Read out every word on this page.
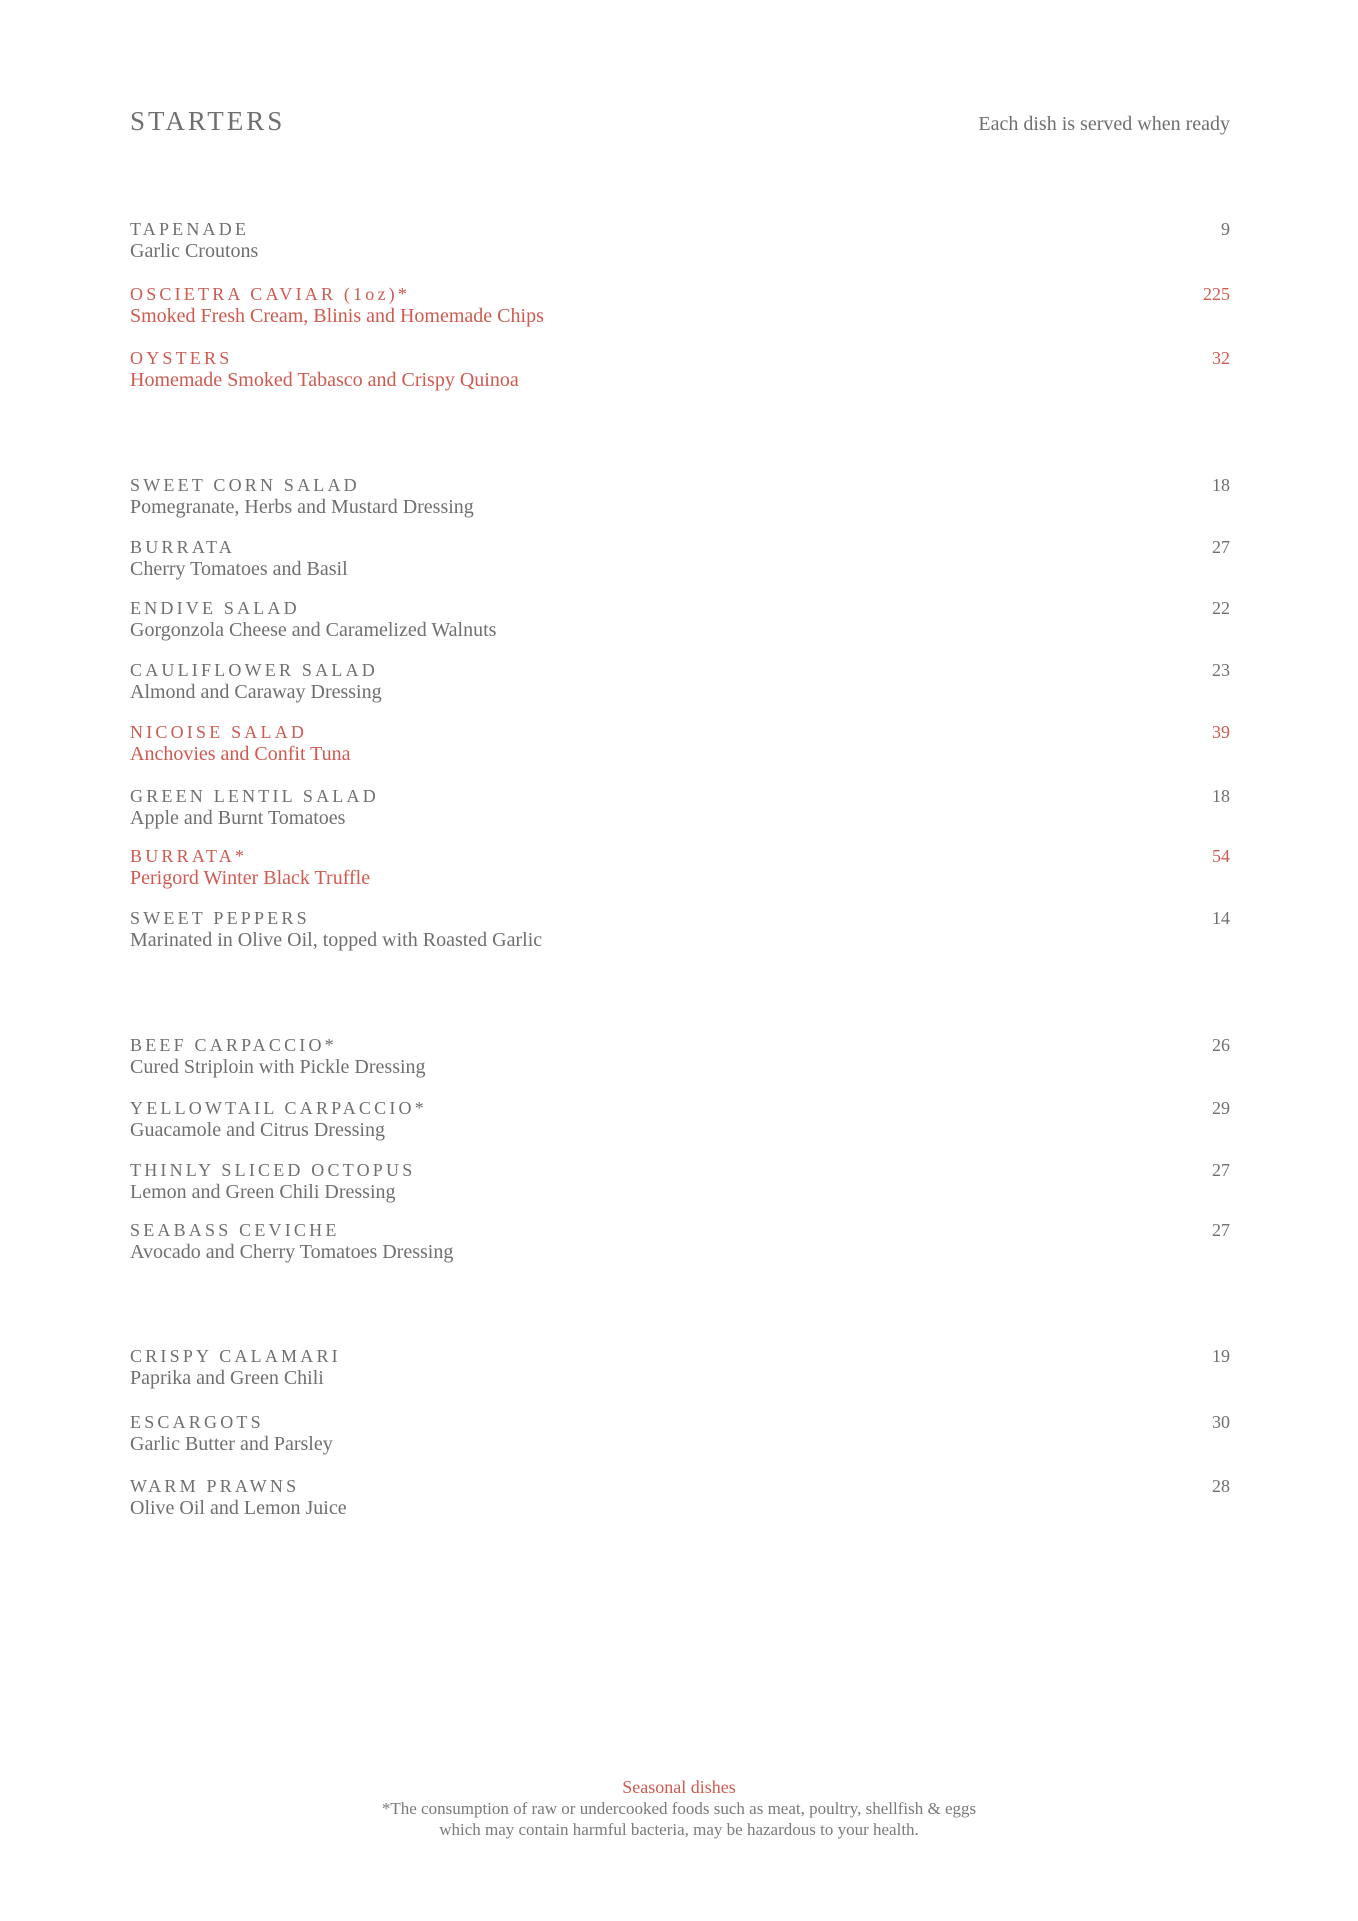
STARTERS	Each dish is served when ready
TAPENADE
Garlic Croutons
9
OSCIETRA CAVIAR (1oz)*
Smoked Fresh Cream, Blinis and Homemade Chips
225
OYSTERS
Homemade Smoked Tabasco and Crispy Quinoa
32
SWEET CORN SALAD
Pomegranate, Herbs and Mustard Dressing
18
BURRATA
Cherry Tomatoes and Basil
27
ENDIVE SALAD
Gorgonzola Cheese and Caramelized Walnuts
22
CAULIFLOWER SALAD
Almond and Caraway Dressing
23
NICOISE SALAD
Anchovies and Confit Tuna
39
GREEN LENTIL SALAD
Apple and Burnt Tomatoes
18
BURRATA*
Perigord Winter Black Truffle
54
SWEET PEPPERS
Marinated in Olive Oil, topped with Roasted Garlic
14
BEEF CARPACCIO*
Cured Striploin with Pickle Dressing
26
YELLOWTAIL CARPACCIO*
Guacamole and Citrus Dressing
29
THINLY SLICED OCTOPUS
Lemon and Green Chili Dressing
27
SEABASS CEVICHE
Avocado and Cherry Tomatoes Dressing
27
CRISPY CALAMARI
Paprika and Green Chili
19
ESCARGOTS
Garlic Butter and Parsley
30
WARM PRAWNS
Olive Oil and Lemon Juice
28
Seasonal dishes
*The consumption of raw or undercooked foods such as meat, poultry, shellfish & eggs
which may contain harmful bacteria, may be hazardous to your health.
